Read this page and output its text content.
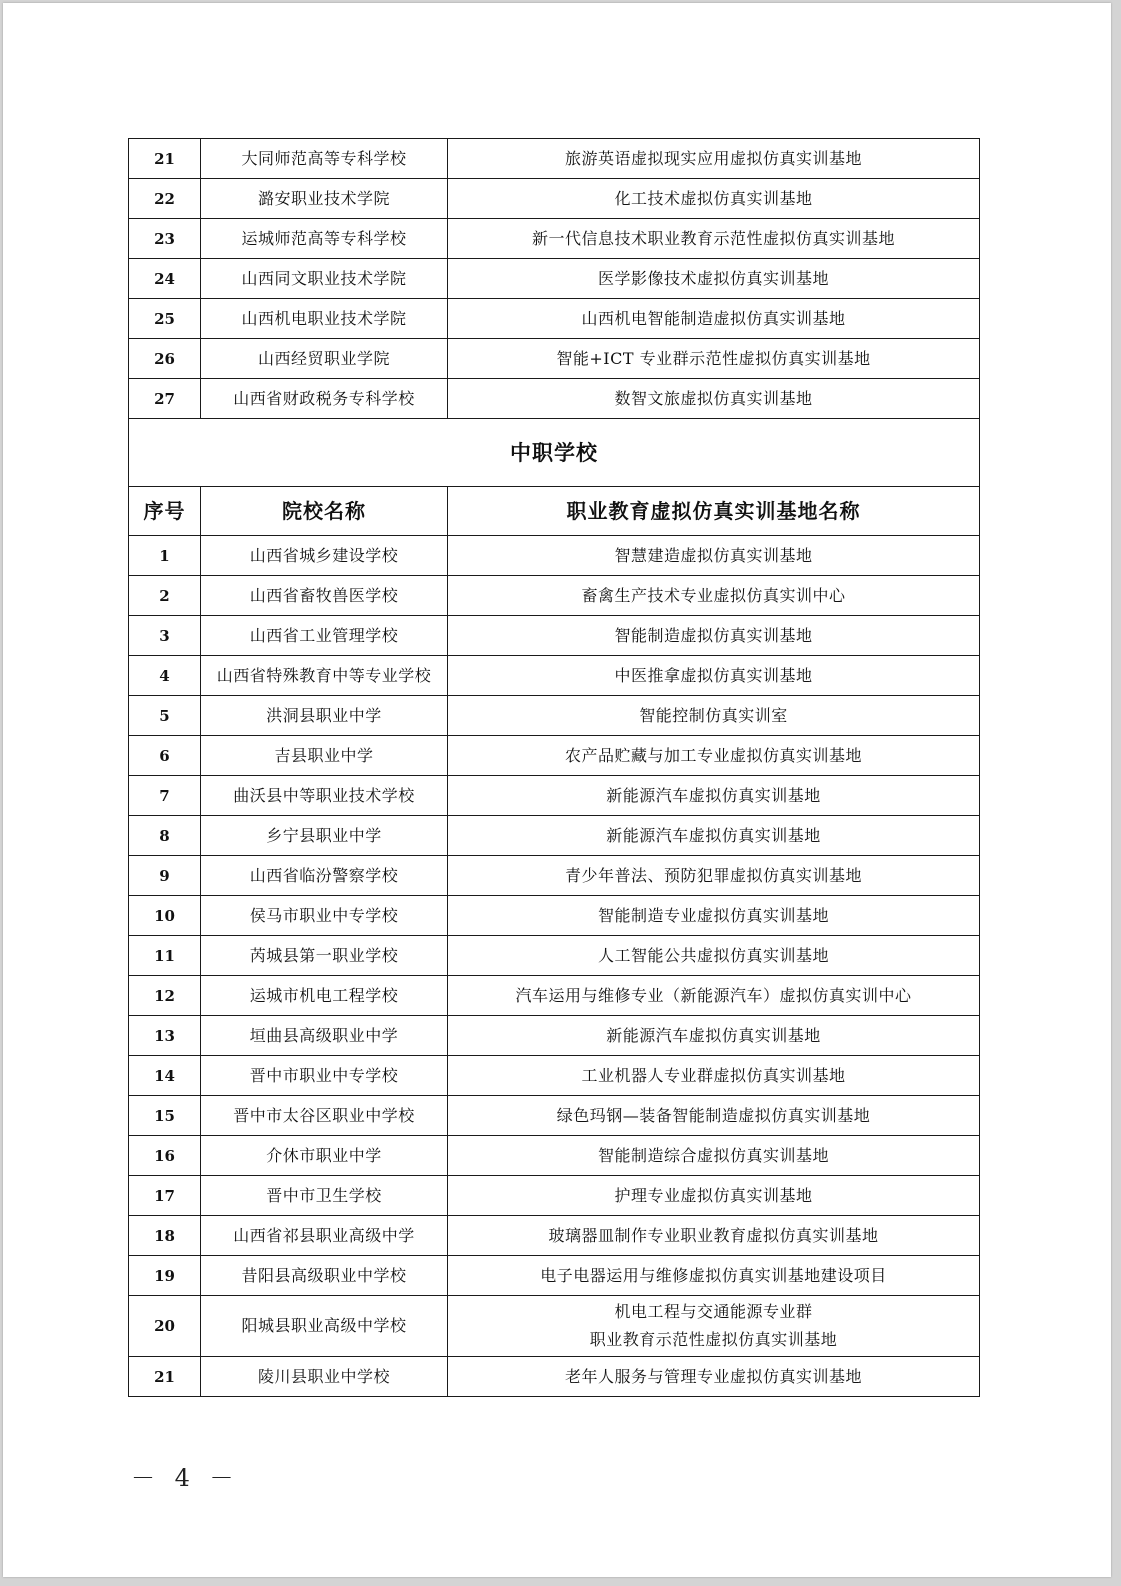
21	大同师范高等专科学校	旅游英语虚拟现实应用虚拟仿真实训基地
22	潞安职业技术学院	化工技术虚拟仿真实训基地
23	运城师范高等专科学校	新一代信息技术职业教育示范性虚拟仿真实训基地
24	山西同文职业技术学院	医学影像技术虚拟仿真实训基地
25	山西机电职业技术学院	山西机电智能制造虚拟仿真实训基地
26	山西经贸职业学院	智能+ICT 专业群示范性虚拟仿真实训基地
27	山西省财政税务专科学校	数智文旅虚拟仿真实训基地
中职学校		
序号	院校名称	职业教育虚拟仿真实训基地名称
1	山西省城乡建设学校	智慧建造虚拟仿真实训基地
2	山西省畜牧兽医学校	畜禽生产技术专业虚拟仿真实训中心
3	山西省工业管理学校	智能制造虚拟仿真实训基地
4	山西省特殊教育中等专业学校	中医推拿虚拟仿真实训基地
5	洪洞县职业中学	智能控制仿真实训室
6	吉县职业中学	农产品贮藏与加工专业虚拟仿真实训基地
7	曲沃县中等职业技术学校	新能源汽车虚拟仿真实训基地
8	乡宁县职业中学	新能源汽车虚拟仿真实训基地
9	山西省临汾警察学校	青少年普法、预防犯罪虚拟仿真实训基地
10	侯马市职业中专学校	智能制造专业虚拟仿真实训基地
11	芮城县第一职业学校	人工智能公共虚拟仿真实训基地
12	运城市机电工程学校	汽车运用与维修专业（新能源汽车）虚拟仿真实训中心
13	垣曲县高级职业中学	新能源汽车虚拟仿真实训基地
14	晋中市职业中专学校	工业机器人专业群虚拟仿真实训基地
15	晋中市太谷区职业中学校	绿色玛钢—装备智能制造虚拟仿真实训基地
16	介休市职业中学	智能制造综合虚拟仿真实训基地
17	晋中市卫生学校	护理专业虚拟仿真实训基地
18	山西省祁县职业高级中学	玻璃器皿制作专业职业教育虚拟仿真实训基地
19	昔阳县高级职业中学校	电子电器运用与维修虚拟仿真实训基地建设项目
20	阳城县职业高级中学校	机电工程与交通能源专业群
职业教育示范性虚拟仿真实训基地

21	陵川县职业中学校	老年人服务与管理专业虚拟仿真实训基地
－ 4 －
